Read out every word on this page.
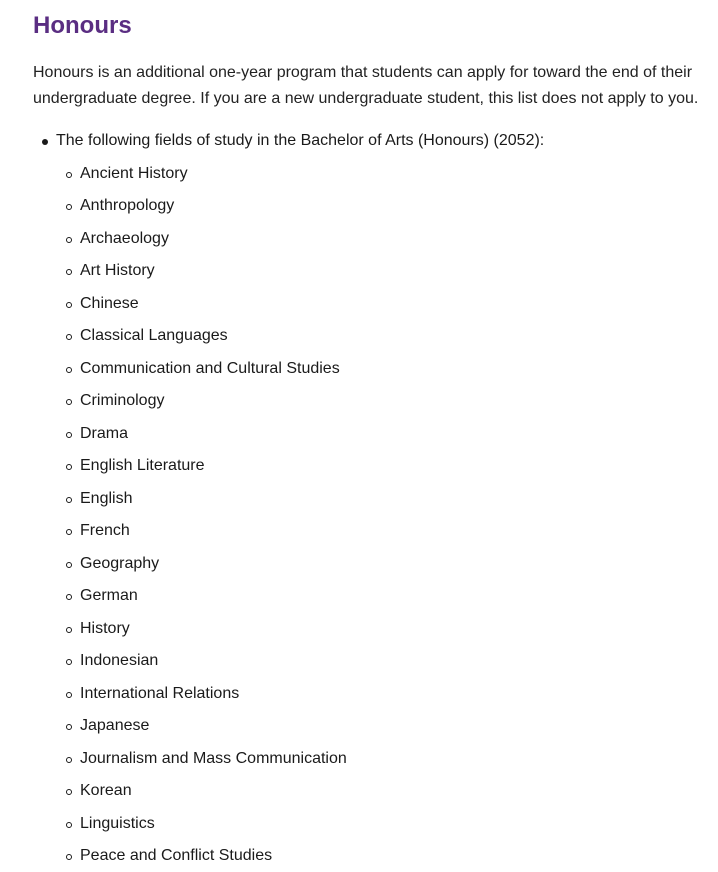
Honours

Honours is an additional one-year program that students can apply for toward the end of their undergraduate degree. If you are a new undergraduate student, this list does not apply to you.

The following fields of study in the Bachelor of Arts (Honours) (2052):
Ancient History
Anthropology
Archaeology
Art History
Chinese
Classical Languages
Communication and Cultural Studies
Criminology
Drama
English Literature
English
French
Geography
German
History
Indonesian
International Relations
Japanese
Journalism and Mass Communication
Korean
Linguistics
Peace and Conflict Studies
